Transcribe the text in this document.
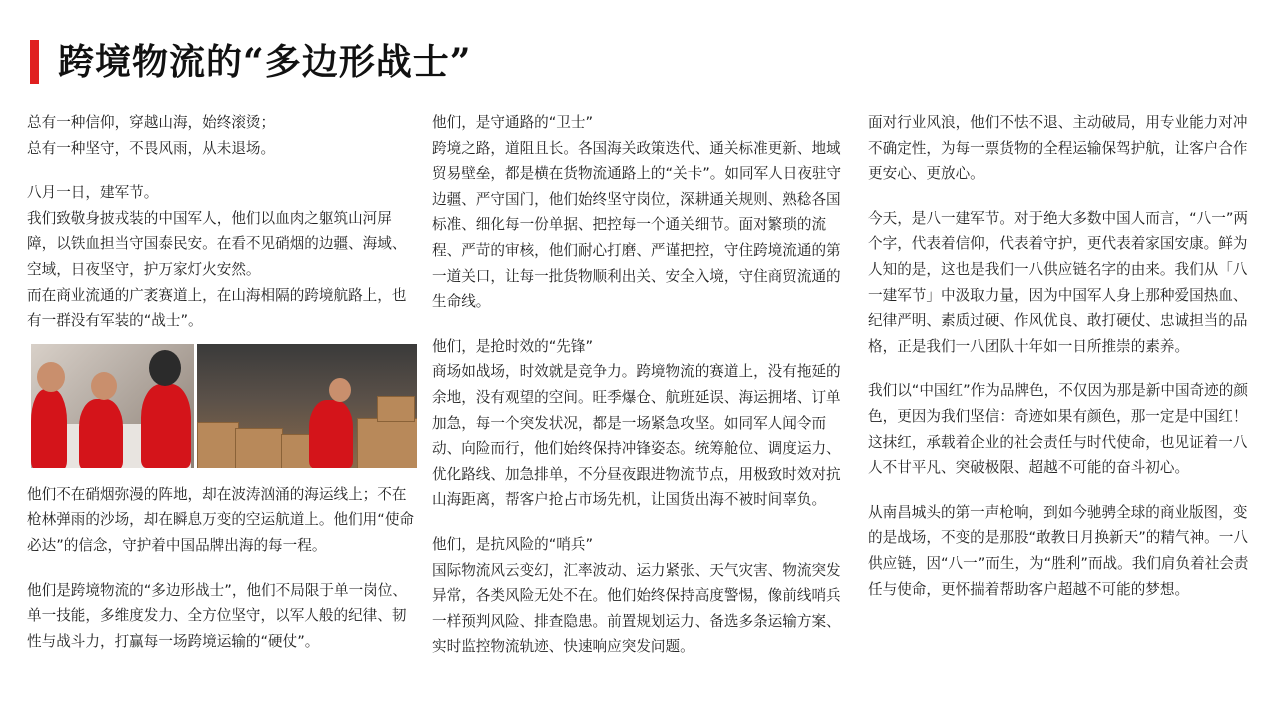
跨境物流的“多边形战士”

总有一种信仰，穿越山海，始终滚烫；

总有一种坚守，不畏风雨，从未退场。

八月一日，建军节。

我们致敬身披戎装的中国军人，他们以血肉之躯筑山河屏障，以铁血担当守国泰民安。在看不见硝烟的边疆、海域、空域，日夜坚守，护万家灯火安然。

而在商业流通的广袤赛道上，在山海相隔的跨境航路上，也有一群没有军装的“战士”。

他们不在硝烟弥漫的阵地，却在波涛汹涌的海运线上；不在枪林弹雨的沙场，却在瞬息万变的空运航道上。他们用“使命必达”的信念，守护着中国品牌出海的每一程。

他们是跨境物流的“多边形战士”，他们不局限于单一岗位、单一技能，多维度发力、全方位坚守，以军人般的纪律、韧性与战斗力，打赢每一场跨境运输的“硬仗”。

他们，是守通路的“卫士”

跨境之路，道阻且长。各国海关政策迭代、通关标准更新、地域贸易壁垒，都是横在货物流通路上的“关卡”。如同军人日夜驻守边疆、严守国门，他们始终坚守岗位，深耕通关规则、熟稔各国标准、细化每一份单据、把控每一个通关细节。面对繁琐的流程、严苛的审核，他们耐心打磨、严谨把控，守住跨境流通的第一道关口，让每一批货物顺利出关、安全入境，守住商贸流通的生命线。

他们，是抢时效的“先锋”

商场如战场，时效就是竞争力。跨境物流的赛道上，没有拖延的余地，没有观望的空间。旺季爆仓、航班延误、海运拥堵、订单加急，每一个突发状况，都是一场紧急攻坚。如同军人闻令而动、向险而行，他们始终保持冲锋姿态。统筹舱位、调度运力、优化路线、加急排单，不分昼夜跟进物流节点，用极致时效对抗山海距离，帮客户抢占市场先机，让国货出海不被时间辜负。

他们，是抗风险的“哨兵”

国际物流风云变幻，汇率波动、运力紧张、天气灾害、物流突发异常，各类风险无处不在。他们始终保持高度警惕，像前线哨兵一样预判风险、排查隐患。前置规划运力、备选多条运输方案、实时监控物流轨迹、快速响应突发问题。

面对行业风浪，他们不怯不退、主动破局，用专业能力对冲不确定性，为每一票货物的全程运输保驾护航，让客户合作更安心、更放心。

今天，是八一建军节。对于绝大多数中国人而言，“八一”两个字，代表着信仰，代表着守护，更代表着家国安康。鲜为人知的是，这也是我们一八供应链名字的由来。我们从「八一建军节」中汲取力量，因为中国军人身上那种爱国热血、纪律严明、素质过硬、作风优良、敢打硬仗、忠诚担当的品格，正是我们一八团队十年如一日所推崇的素养。

我们以“中国红”作为品牌色，不仅因为那是新中国奇迹的颜色，更因为我们坚信：奇迹如果有颜色，那一定是中国红！这抹红，承载着企业的社会责任与时代使命，也见证着一八人不甘平凡、突破极限、超越不可能的奋斗初心。

从南昌城头的第一声枪响，到如今驰骋全球的商业版图，变的是战场，不变的是那股“敢教日月换新天”的精气神。一八供应链，因“八一”而生，为“胜利”而战。我们肩负着社会责任与使命，更怀揣着帮助客户超越不可能的梦想。
